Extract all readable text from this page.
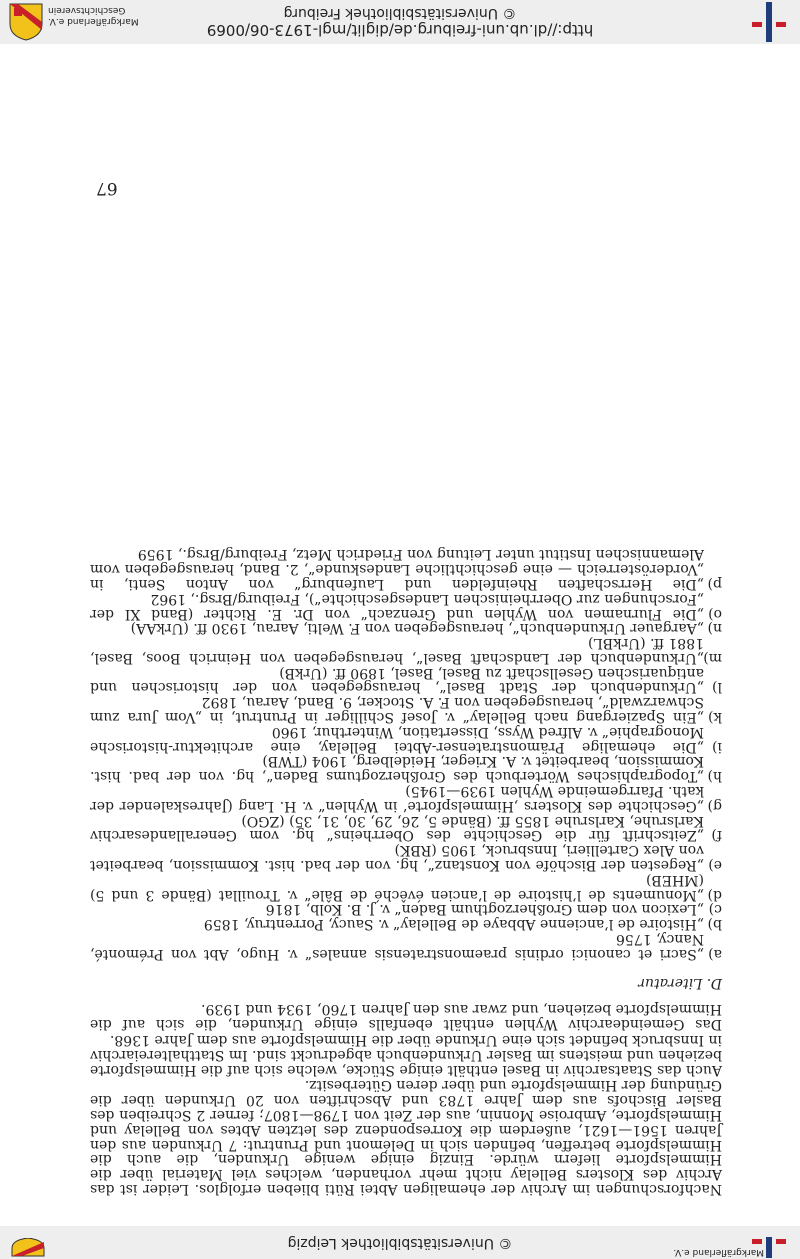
http://dl.ub.uni-freiburg.de/diglit/mgl-1973-06/0069
© Universitätsbibliothek Freiburg
Markgräflerland e.V.
Geschichtsverein
67

Nachforschungen im Archiv der ehemaligen Abtei Rüti blieben erfolglos. Leider ist das Archiv des Klosters Bellelay nicht mehr vorhanden, welches viel Material über die Himmelspforte liefern würde. Einzig einige wenige Urkunden, die auch die Himmelspforte betreffen, befinden sich in Delémont und Pruntrut: 7 Urkunden aus den Jahren 1561—1621, außerdem die Korrespondenz des letzten Abtes von Bellelay und Himmelspforte, Ambroise Monnin, aus der Zeit von 1798—1807; ferner 2 Schreiben des Basler Bischofs aus dem Jahre 1783 und Abschriften von 20 Urkunden über die Gründung der Himmelspforte und über deren Güterbesitz.

Auch das Staatsarchiv in Basel enthält einige Stücke, welche sich auf die Himmelspforte beziehen und meistens im Basler Urkundenbuch abgedruckt sind. Im Statthaltereiarchiv in Innsbruck befindet sich eine Urkunde über die Himmelspforte aus dem Jahre 1368.

Das Gemeindearchiv Wyhlen enthält ebenfalls einige Urkunden, die sich auf die Himmelspforte beziehen, und zwar aus den Jahren 1760, 1934 und 1939.

D. Literatur

a)
„Sacri et canonici ordinis praemonstratensis annales“ v. Hugo, Abt von Prémonté, Nancy, 1756
b)
„Histoire de l’ancienne Abbaye de Bellelay“ v. Saucy, Porrentruy, 1859
c)
„Lexicon von dem Großherzogthum Baden“ v. J. B. Kolb, 1816
d)
„Monuments de l’histoire de l’ancien évêché de Bâle“ v. Trouillat (Bände 3 und 5) (MHEB)
e)
„Regesten der Bischöfe von Konstanz“, hg. von der bad. hist. Kommission, bearbeitet von Alex Cartellieri, Innsbruck, 1905 (RBK)
f)
„Zeitschrift für die Geschichte des Oberrheins“ hg. vom Generallandesarchiv Karlsruhe, Karlsruhe 1855 ff. (Bände 5, 26, 29, 30, 31, 35) (ZGO)
g)
„Geschichte des Klosters ‚Himmelspforte‘ in Wyhlen“ v. H. Lang (Jahreskalender der kath. Pfarrgemeinde Wyhlen 1939—1945)
h)
„Topographisches Wörterbuch des Großherzogtums Baden“, hg. von der bad. hist. Kommission, bearbeitet v. A. Krieger, Heidelberg, 1904 (TWB)
i)
„Die ehemalige Prämonstratenser-Abtei Bellelay, eine architektur-historische Monographie“ v. Alfred Wyss, Dissertation, Winterthur, 1960
k)
„Ein Spaziergang nach Bellelay“ v. Josef Schilliger in Pruntrut, in „Vom Jura zum Schwarzwald“, herausgegeben von F. A. Stocker, 9. Band, Aarau, 1892
l)
„Urkundenbuch der Stadt Basel“, herausgegeben von der historischen und antiquarischen Gesellschaft zu Basel, Basel, 1890 ff. (UrkB)
m)
„Urkundenbuch der Landschaft Basel“, herausgegeben von Heinrich Boos, Basel, 1881 ff. (UrkBL)
n)
„Aargauer Urkundenbuch“, herausgegeben von F. Welti, Aarau, 1930 ff. (UrkAA)
o)
„Die Flurnamen von Wyhlen und Grenzach“ von Dr. E. Richter (Band XI der „Forschungen zur Oberrheinischen Landesgeschichte“), Freiburg/Brsg., 1962
p)
„Die Herrschaften Rheinfelden und Laufenburg“ von Anton Senti, in „Vorderösterreich — eine geschichtliche Landeskunde“, 2. Band, herausgegeben vom Alemannischen Institut unter Leitung von Friedrich Metz, Freiburg/Brsg., 1959
© Universitätsbibliothek Leipzig
Markgräflerland e.V.
